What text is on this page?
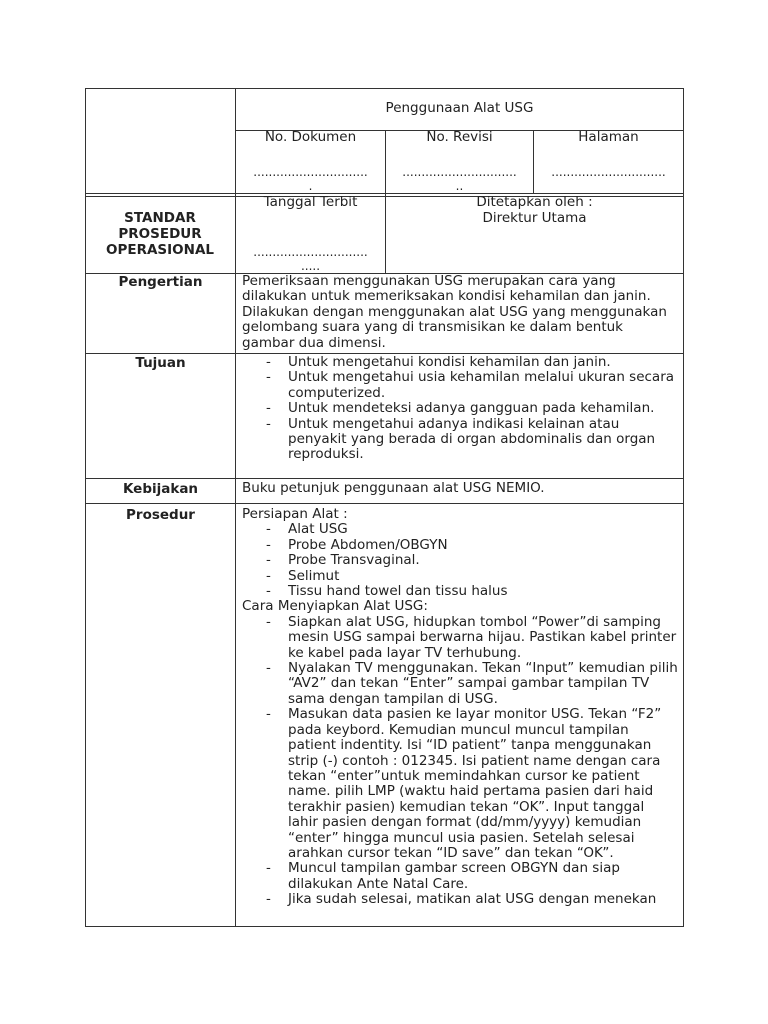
Penggunaan Alat USG
No. Dokumen
..............................
.
No. Revisi
..............................
..
Halaman
..............................
STANDAR PROSEDUR OPERASIONAL
Tanggal Terbit
..............................
.....
Ditetapkan oleh :
Direktur Utama
Pengertian	Pemeriksaan menggunakan USG merupakan cara yang dilakukan untuk memeriksakan kondisi kehamilan dan janin. Dilakukan dengan menggunakan alat USG yang menggunakan gelombang suara yang di transmisikan ke dalam bentuk gambar dua dimensi.
Tujuan
-	Untuk mengetahui kondisi kehamilan dan janin.
- Untuk mengetahui usia kehamilan melalui ukuran secara computerized.
- Untuk mendeteksi adanya gangguan pada kehamilan.
- Untuk mengetahui adanya indikasi kelainan atau penyakit yang berada di organ abdominalis dan organ reproduksi.
Kebijakan	Buku petunjuk penggunaan alat USG NEMIO.
Prosedur	Persiapan Alat :
- Alat USG
- Probe Abdomen/OBGYN
- Probe Transvaginal.
- Selimut
- Tissu hand towel dan tissu halus
Cara Menyiapkan Alat USG:
- Siapkan alat USG, hidupkan tombol “Power”di samping mesin USG sampai berwarna hijau. Pastikan kabel printer ke kabel pada layar TV terhubung.
- Nyalakan TV menggunakan. Tekan “Input” kemudian pilih “AV2” dan tekan “Enter” sampai gambar tampilan TV sama dengan tampilan di USG.
- Masukan data pasien ke layar monitor USG. Tekan “F2” pada keybord. Kemudian muncul muncul tampilan patient indentity. Isi “ID patient” tanpa menggunakan strip (-) contoh : 012345. Isi patient name dengan cara tekan “enter”untuk memindahkan cursor ke patient name. pilih LMP (waktu haid pertama pasien dari haid terakhir pasien) kemudian tekan “OK”. Input tanggal lahir pasien dengan format (dd/mm/yyyy) kemudian “enter” hingga muncul usia pasien. Setelah selesai arahkan cursor tekan “ID save” dan tekan “OK”.
- Muncul tampilan gambar screen OBGYN dan siap dilakukan Ante Natal Care.
- Jika sudah selesai, matikan alat USG dengan menekan
